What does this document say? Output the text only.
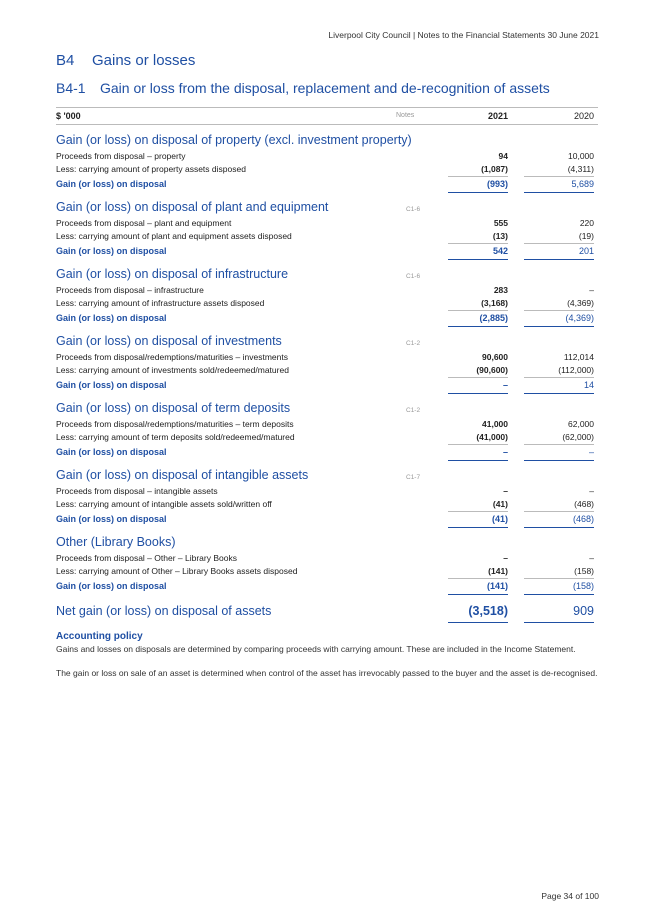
Liverpool City Council | Notes to the Financial Statements 30 June 2021
B4 Gains or losses
B4-1 Gain or loss from the disposal, replacement and de-recognition of assets
$ '000	Notes	2021	2020
Gain (or loss) on disposal of property (excl. investment property)
Proceeds from disposal – property	94	10,000
Less: carrying amount of property assets disposed	(1,087)	(4,311)
Gain (or loss) on disposal	(993)	5,689
Gain (or loss) on disposal of plant and equipment	C1-6
Proceeds from disposal – plant and equipment	555	220
Less: carrying amount of plant and equipment assets disposed	(13)	(19)
Gain (or loss) on disposal	542	201
Gain (or loss) on disposal of infrastructure	C1-6
Proceeds from disposal – infrastructure	283	–
Less: carrying amount of infrastructure assets disposed	(3,168)	(4,369)
Gain (or loss) on disposal	(2,885)	(4,369)
Gain (or loss) on disposal of investments	C1-2
Proceeds from disposal/redemptions/maturities – investments	90,600	112,014
Less: carrying amount of investments sold/redeemed/matured	(90,600)	(112,000)
Gain (or loss) on disposal	–	14
Gain (or loss) on disposal of term deposits	C1-2
Proceeds from disposal/redemptions/maturities – term deposits	41,000	62,000
Less: carrying amount of term deposits sold/redeemed/matured	(41,000)	(62,000)
Gain (or loss) on disposal	–	–
Gain (or loss) on disposal of intangible assets	C1-7
Proceeds from disposal – intangible assets	–	–
Less: carrying amount of intangible assets sold/written off	(41)	(468)
Gain (or loss) on disposal	(41)	(468)
Other (Library Books)
Proceeds from disposal – Other – Library Books	–	–
Less: carrying amount of Other – Library Books assets disposed	(141)	(158)
Gain (or loss) on disposal	(141)	(158)
Net gain (or loss) on disposal of assets	(3,518)	909
Accounting policy

Gains and losses on disposals are determined by comparing proceeds with carrying amount. These are included in the Income Statement.

The gain or loss on sale of an asset is determined when control of the asset has irrevocably passed to the buyer and the asset is de-recognised.

Page 34 of 100
